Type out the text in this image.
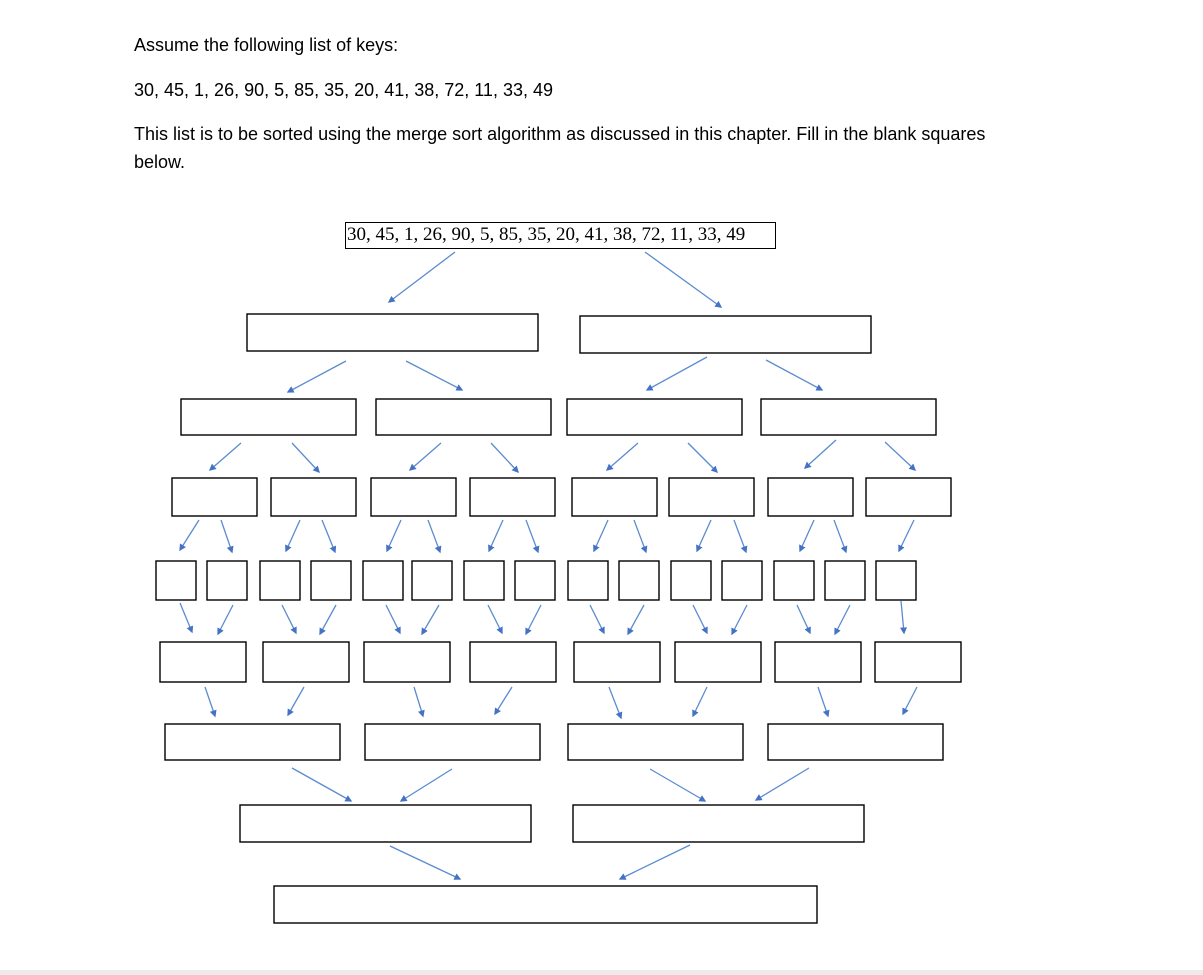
Assume the following list of keys:

30, 45, 1, 26, 90, 5, 85, 35, 20, 41, 38, 72, 11, 33, 49

This list is to be sorted using the merge sort algorithm as discussed in this chapter. Fill in the blank squares below.

30, 45, 1, 26, 90, 5, 85, 35, 20, 41, 38, 72, 11, 33, 49
